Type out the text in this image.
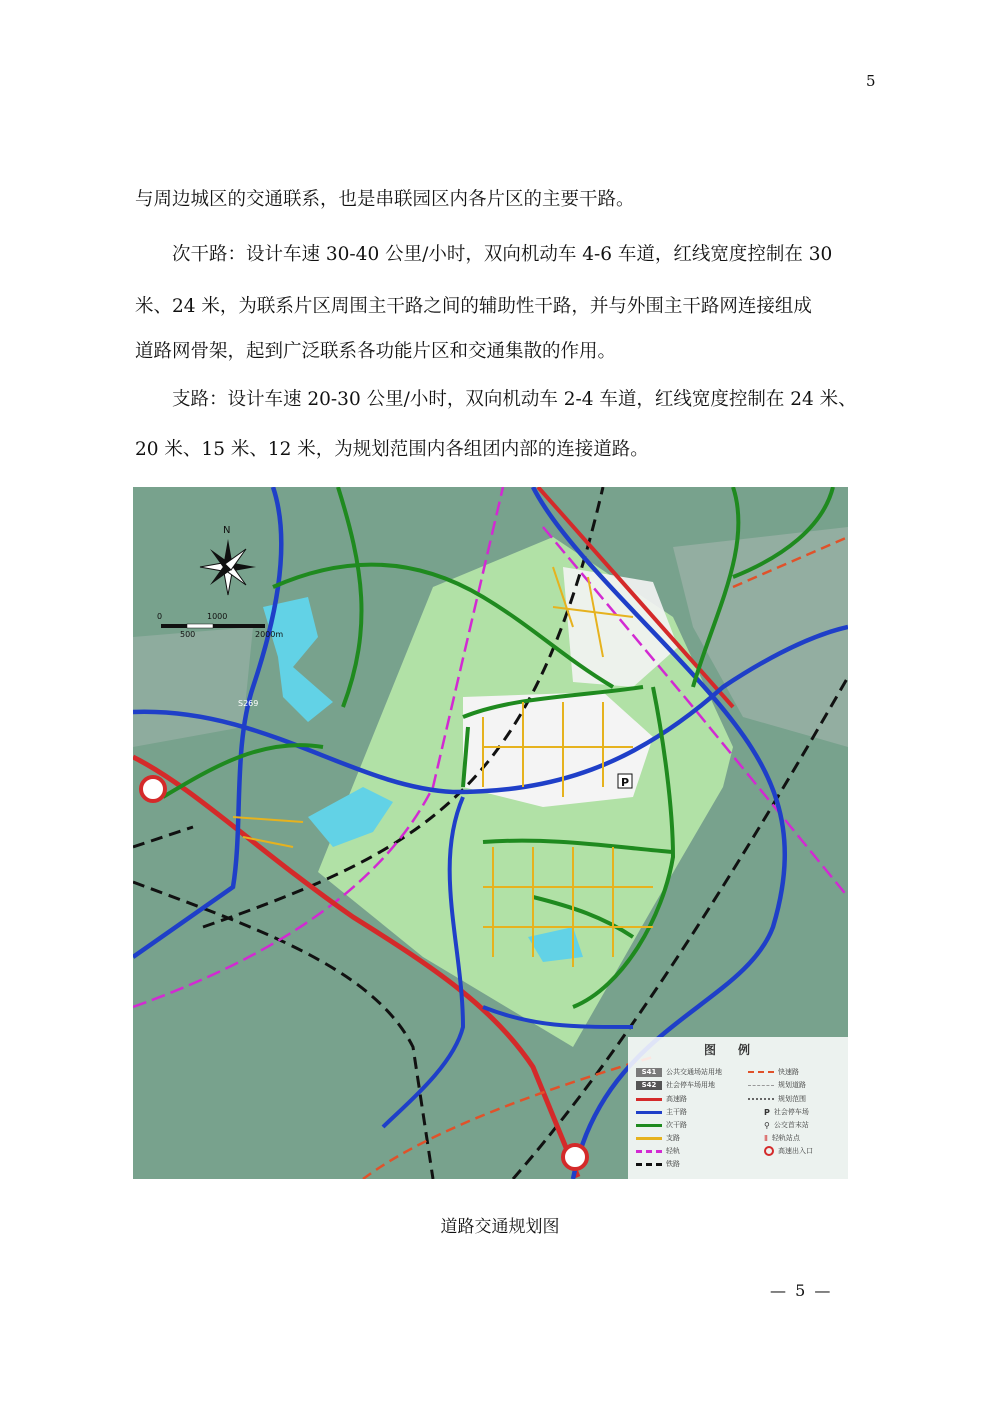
5
与周边城区的交通联系，也是串联园区内各片区的主要干路。
次干路：设计车速 30-40 公里/小时，双向机动车 4-6 车道，红线宽度控制在 30
米、24 米，为联系片区周围主干路之间的辅助性干路，并与外围主干路网连接组成
道路网骨架，起到广泛联系各功能片区和交通集散的作用。
支路：设计车速 20-30 公里/小时，双向机动车 2-4 车道，红线宽度控制在 24 米、
20 米、15 米、12 米，为规划范围内各组团内部的连接道路。
P
N
0
500
1000
2000m
S269
图例
S41	公共交通场站用地
S42	社会停车场用地
高速路
主干路
次干路
支路
轻轨
铁路
快速路
规划道路
规划范围
P 社会停车场
⚲ 公交首末站
Ⅱ 轻轨站点
高速出入口
道路交通规划图
— 5 —
